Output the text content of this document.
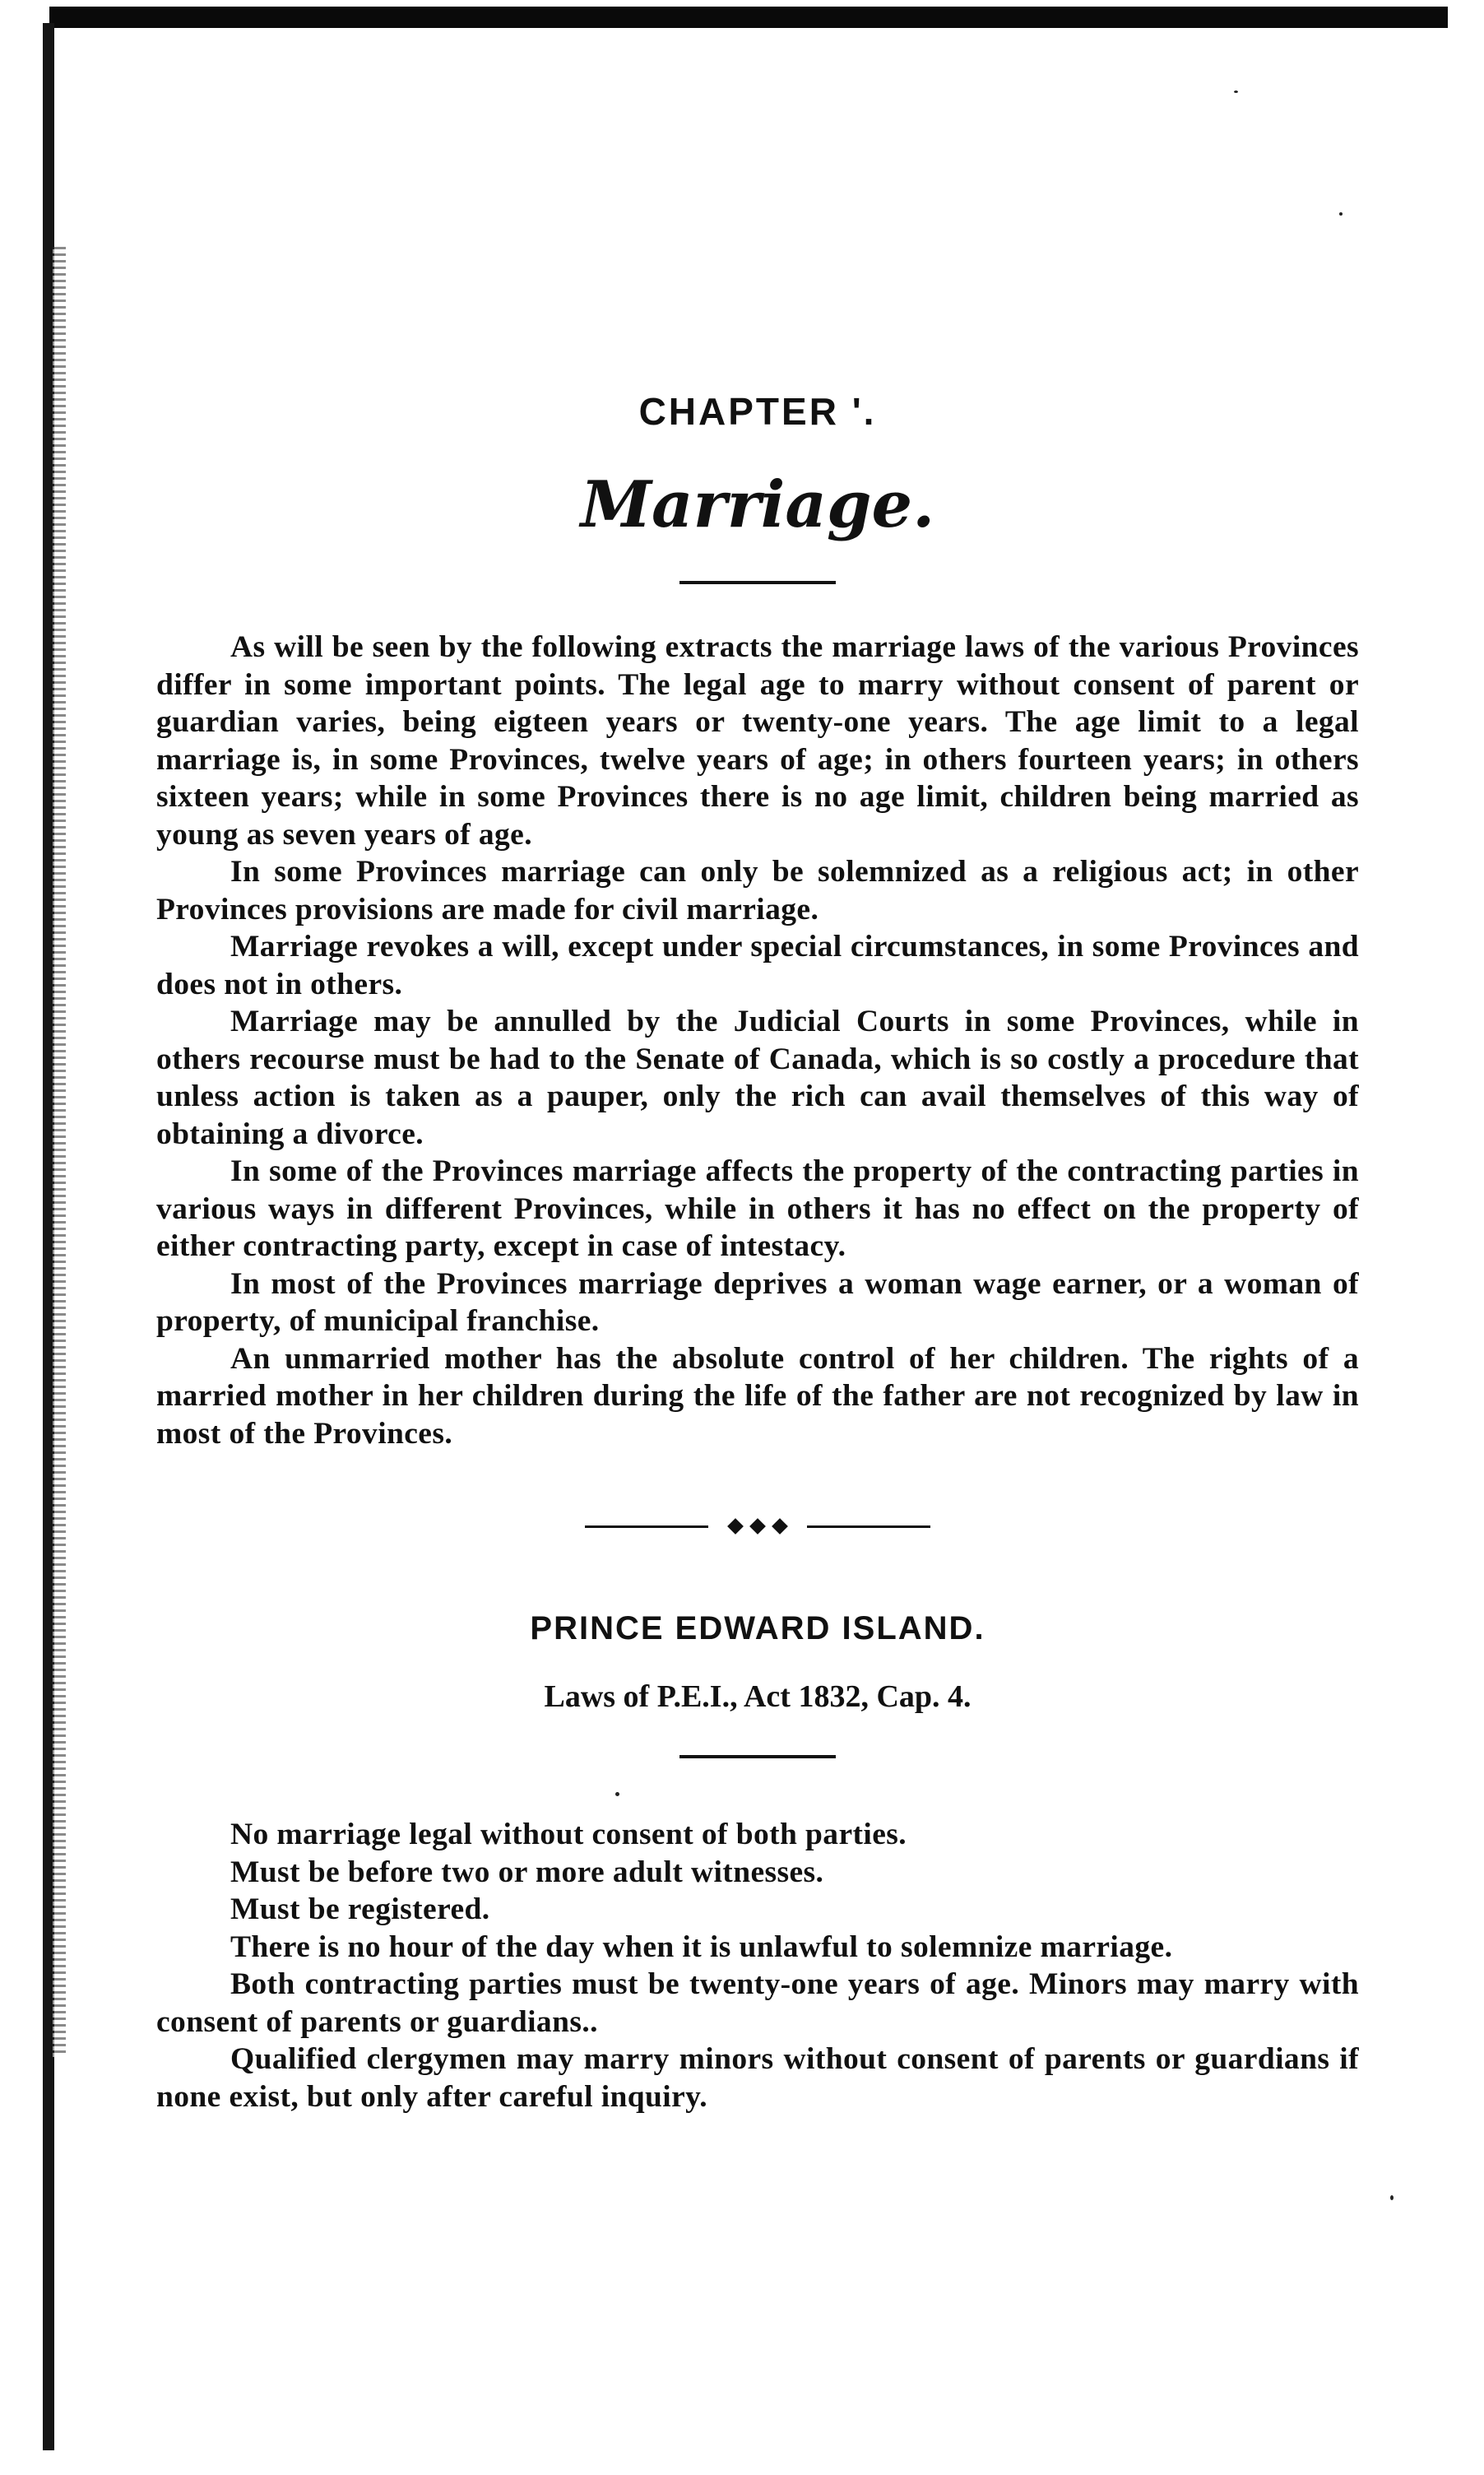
CHAPTER '.
Marriage.

As will be seen by the following extracts the marriage laws of the various Provinces differ in some important points. The legal age to marry without consent of parent or guardian varies, being eigteen years or twenty-one years. The age limit to a legal marriage is, in some Provinces, twelve years of age; in others fourteen years; in others sixteen years; while in some Provinces there is no age limit, children being married as young as seven years of age.

In some Provinces marriage can only be solemnized as a religious act; in other Provinces provisions are made for civil marriage.

Marriage revokes a will, except under special circumstances, in some Provinces and does not in others.

Marriage may be annulled by the Judicial Courts in some Provinces, while in others recourse must be had to the Senate of Canada, which is so costly a procedure that unless action is taken as a pauper, only the rich can avail themselves of this way of obtaining a divorce.

In some of the Provinces marriage affects the property of the contracting parties in various ways in different Provinces, while in others it has no effect on the property of either contracting party, except in case of intestacy.

In most of the Provinces marriage deprives a woman wage earner, or a woman of property, of municipal franchise.

An unmarried mother has the absolute control of her children. The rights of a married mother in her children during the life of the father are not recognized by law in most of the Provinces.

PRINCE EDWARD ISLAND.
Laws of P.E.I., Act 1832, Cap. 4.

No marriage legal without consent of both parties.

Must be before two or more adult witnesses.

Must be registered.

There is no hour of the day when it is unlawful to solemnize marriage.

Both contracting parties must be twenty-one years of age. Minors may marry with consent of parents or guardians..

Qualified clergymen may marry minors without consent of parents or guardians if none exist, but only after careful inquiry.
